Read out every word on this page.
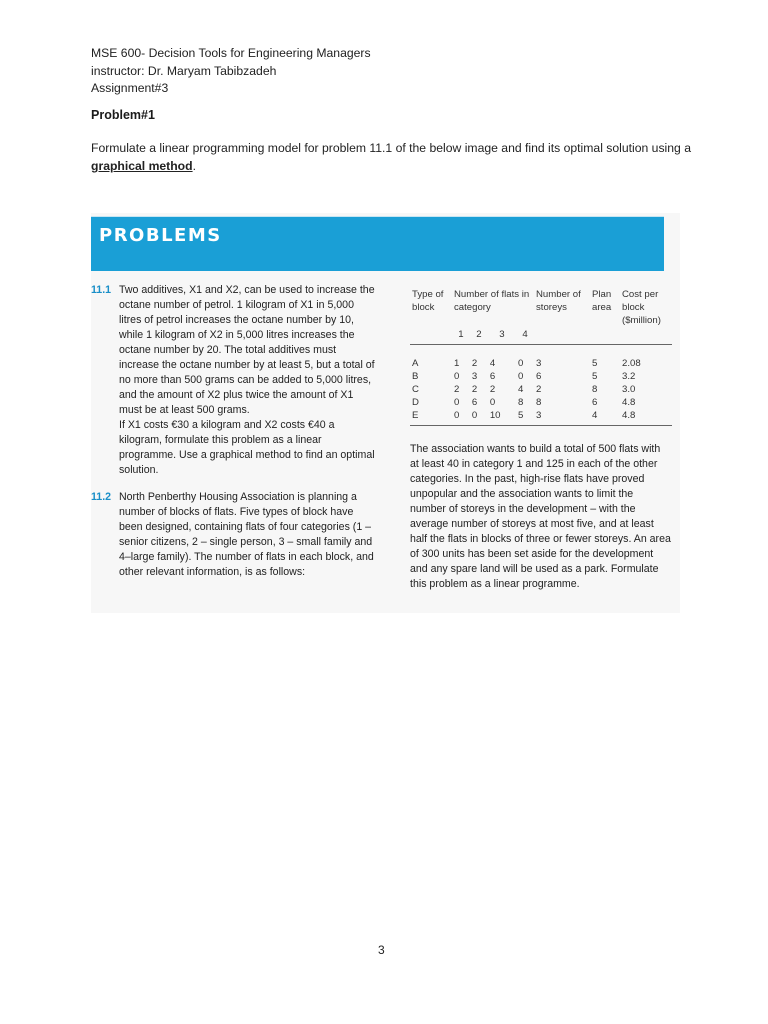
MSE 600- Decision Tools for Engineering Managers
instructor: Dr. Maryam Tabibzadeh
Assignment#3
Problem#1
Formulate a linear programming model for problem 11.1 of the below image and find its optimal solution using a graphical method.
PROBLEMS
11.1 Two additives, X1 and X2, can be used to increase the octane number of petrol. 1 kilogram of X1 in 5,000 litres of petrol increases the octane number by 10, while 1 kilogram of X2 in 5,000 litres increases the octane number by 20. The total additives must increase the octane number by at least 5, but a total of no more than 500 grams can be added to 5,000 litres, and the amount of X2 plus twice the amount of X1 must be at least 500 grams.
If X1 costs €30 a kilogram and X2 costs €40 a kilogram, formulate this problem as a linear programme. Use a graphical method to find an optimal solution.
11.2 North Penberthy Housing Association is planning a number of blocks of flats. Five types of block have been designed, containing flats of four categories (1 – senior citizens, 2 – single person, 3 – small family and 4–large family). The number of flats in each block, and other relevant information, is as follows:
Type of block	Number of flats in category				Number of storeys	Plan area	Cost per block ($million)
	1	2	3	4			
A	1	2	4	0	3	5	2.08
B	0	3	6	0	6	5	3.2
C	2	2	2	4	2	8	3.0
D	0	6	0	8	8	6	4.8
E	0	0	10	5	3	4	4.8
The association wants to build a total of 500 flats with at least 40 in category 1 and 125 in each of the other categories. In the past, high-rise flats have proved unpopular and the association wants to limit the number of storeys in the development – with the average number of storeys at most five, and at least half the flats in blocks of three or fewer storeys. An area of 300 units has been set aside for the development and any spare land will be used as a park. Formulate this problem as a linear programme.
3
